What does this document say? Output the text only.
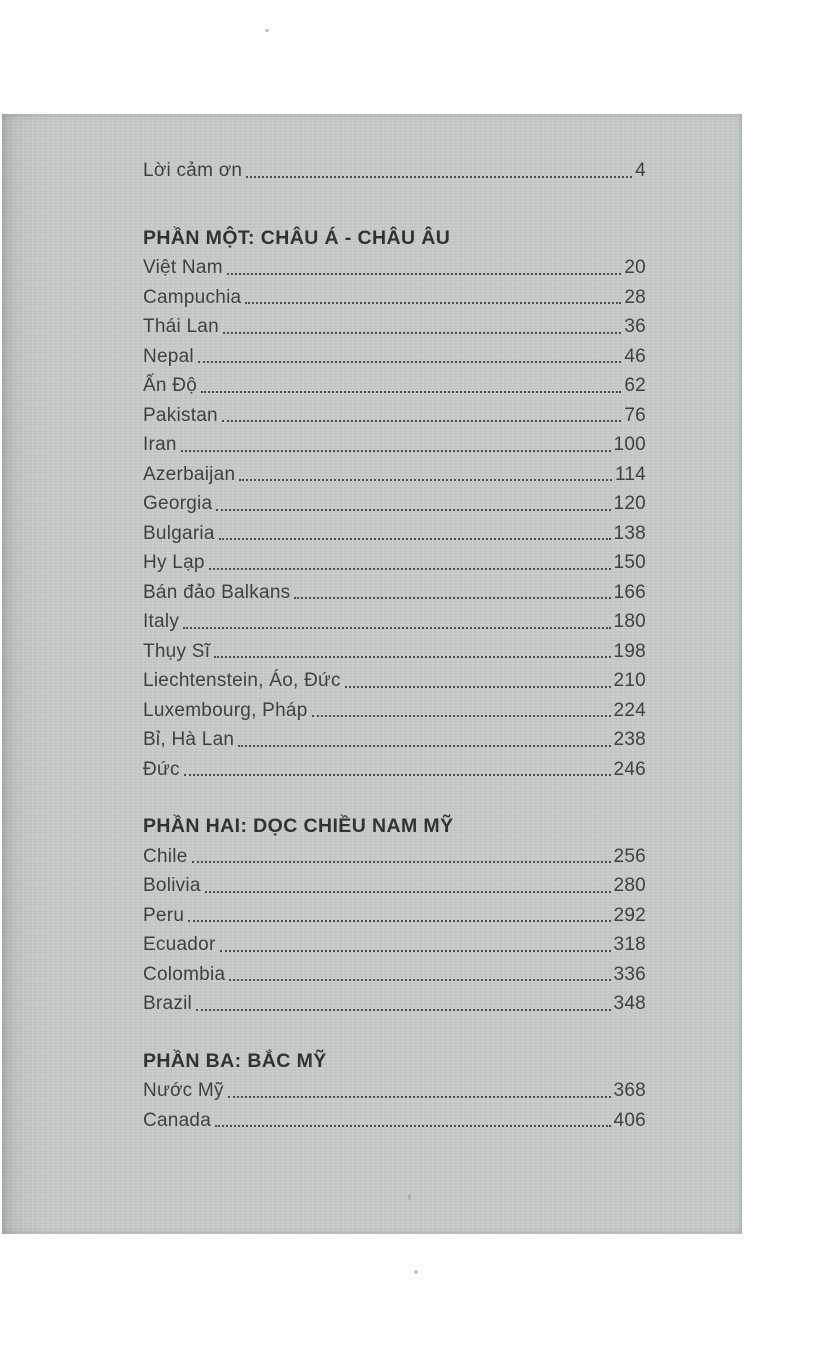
Lời cảm ơn	4
PHẦN MỘT: CHÂU Á - CHÂU ÂU
Việt Nam	20
Campuchia	28
Thái Lan	36
Nepal	46
Ấn Độ	62
Pakistan	76
Iran	100
Azerbaijan	114
Georgia	120
Bulgaria	138
Hy Lạp	150
Bán đảo Balkans	166
Italy	180
Thụy Sĩ	198
Liechtenstein, Áo, Đức	210
Luxembourg, Pháp	224
Bỉ, Hà Lan	238
Đức	246
PHẦN HAI: DỌC CHIỀU NAM MỸ
Chile	256
Bolivia	280
Peru	292
Ecuador	318
Colombia	336
Brazil	348
PHẦN BA: BẮC MỸ
Nước Mỹ	368
Canada	406
